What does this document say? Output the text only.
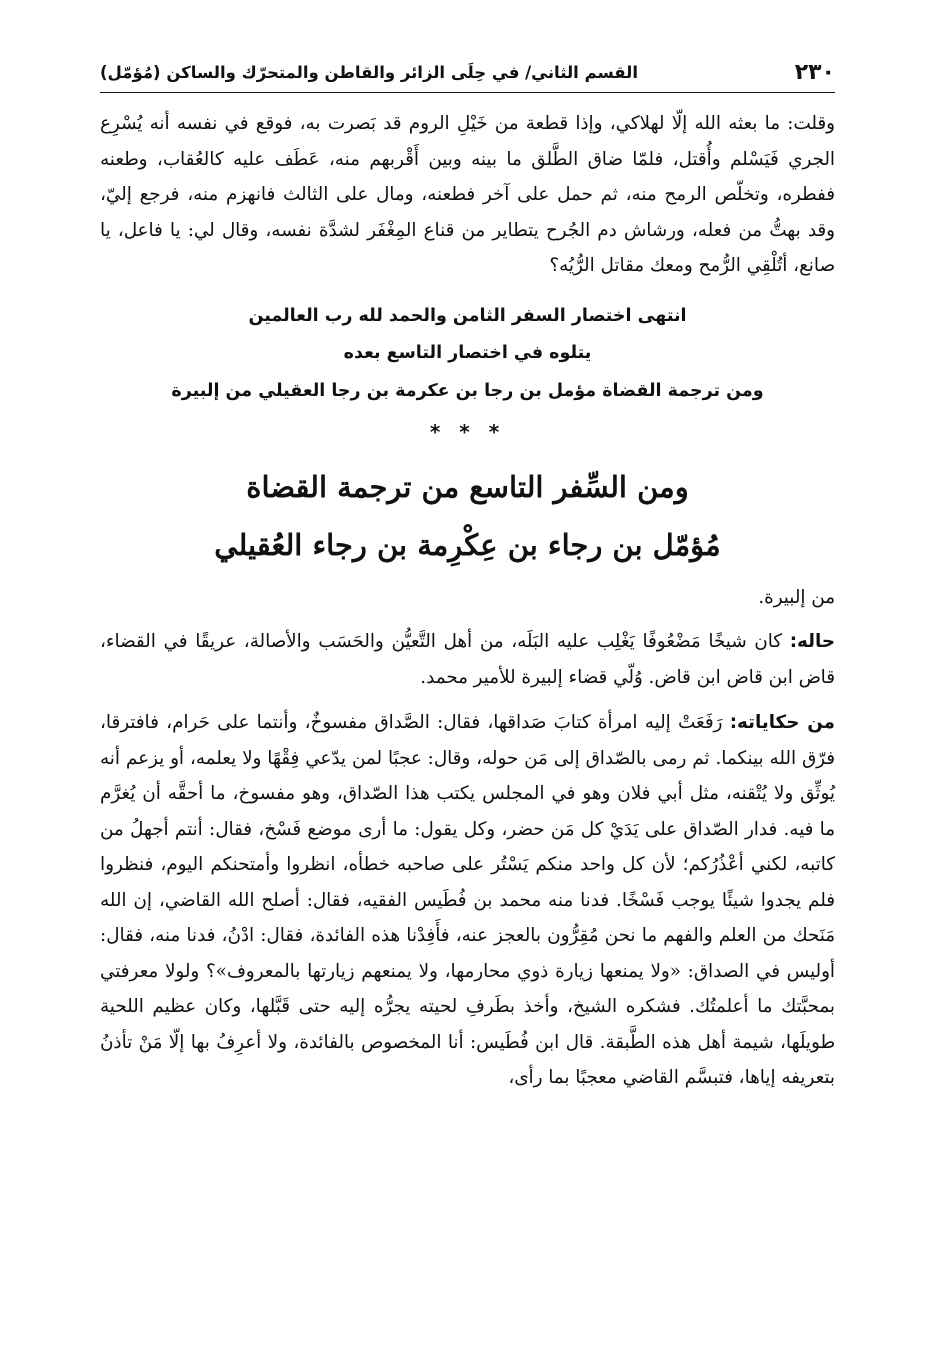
٢٣٠
القسم الثاني/ في حِلَى الزائر والقاطن والمتحرّك والساكن (مُؤمّل)

وقلت: ما بعثه الله إلّا لهلاكي، وإذا قطعة من خَيْلِ الروم قد بَصرت به، فوقع في نفسه أنه يُسْرِع الجري فَيَسْلم وأُقتل، فلمّا ضاق الطَّلق ما بينه وبين أَقْربهم منه، عَطَف عليه كالعُقاب، وطعنه ففطره، وتخلّص الرمح منه، ثم حمل على آخر فطعنه، ومال على الثالث فانهزم منه، فرجع إليّ، وقد بهتُّ من فعله، ورشاش دم الجُرح يتطاير من قناع المِغْفَر لشدَّة نفسه، وقال لي: يا فاعل، يا صانع، أتُلْقِي الرُّمح ومعك مقاتل الرُّيُه؟

انتهى اختصار السفر الثامن والحمد لله رب العالمين
يتلوه في اختصار التاسع بعده
ومن ترجمة القضاة مؤمل بن رجا بن عكرمة بن رجا العقيلي من إلبيرة
* * *
ومن السِّفر التاسع من ترجمة القضاة
مُؤمّل بن رجاء بن عِكْرِمة بن رجاء العُقيلي

من إلبيرة.

حاله: كان شيخًا مَضْعُوفًا يَغْلِب عليه البَلَه، من أهل التَّعيُّن والحَسَب والأصالة، عريقًا في القضاء، قاض ابن قاض ابن قاض. وُلّي قضاء إلبيرة للأمير محمد.

من حكاياته: رَفَعَتْ إليه امرأة كتابَ صَداقها، فقال: الصَّداق مفسوخٌ، وأنتما على حَرام، فافترقا، فرّق الله بينكما. ثم رمى بالصّداق إلى مَن حوله، وقال: عجبًا لمن يدّعي فِقْهًا ولا يعلمه، أو يزعم أنه يُوثِّق ولا يُتْقنه، مثل أبي فلان وهو في المجلس يكتب هذا الصّداق، وهو مفسوخ، ما أحقَّه أن يُغرَّم ما فيه. فدار الصّداق على يَدَيْ كل مَن حضر، وكل يقول: ما أرى موضع فَسْخ، فقال: أنتم أجهلُ من كاتبه، لكني أعْذُرُكم؛ لأن كل واحد منكم يَسْتُر على صاحبه خطأه، انظروا وأمتحنكم اليوم، فنظروا فلم يجدوا شيئًا يوجب فَسْخًا. فدنا منه محمد بن فُطَيس الفقيه، فقال: أصلح الله القاضي، إن الله مَنَحك من العلم والفهم ما نحن مُقِرُّون بالعجز عنه، فأَفِدْنا هذه الفائدة، فقال: ادْنُ، فدنا منه، فقال: أوليس في الصداق: «ولا يمنعها زيارة ذوي محارمها، ولا يمنعهم زيارتها بالمعروف»؟ ولولا معرفتي بمحبَّتك ما أعلمتُك. فشكره الشيخ، وأخذ بطَرفِ لحيته يجرُّه إليه حتى قَبَّلها، وكان عظيم اللحية طويلَها، شيمة أهل هذه الطَّبقة. قال ابن فُطَيس: أنا المخصوص بالفائدة، ولا أعرِفُ بها إلّا مَنْ تأذنُ بتعريفه إياها، فتبسَّم القاضي معجبًا بما رأى،
